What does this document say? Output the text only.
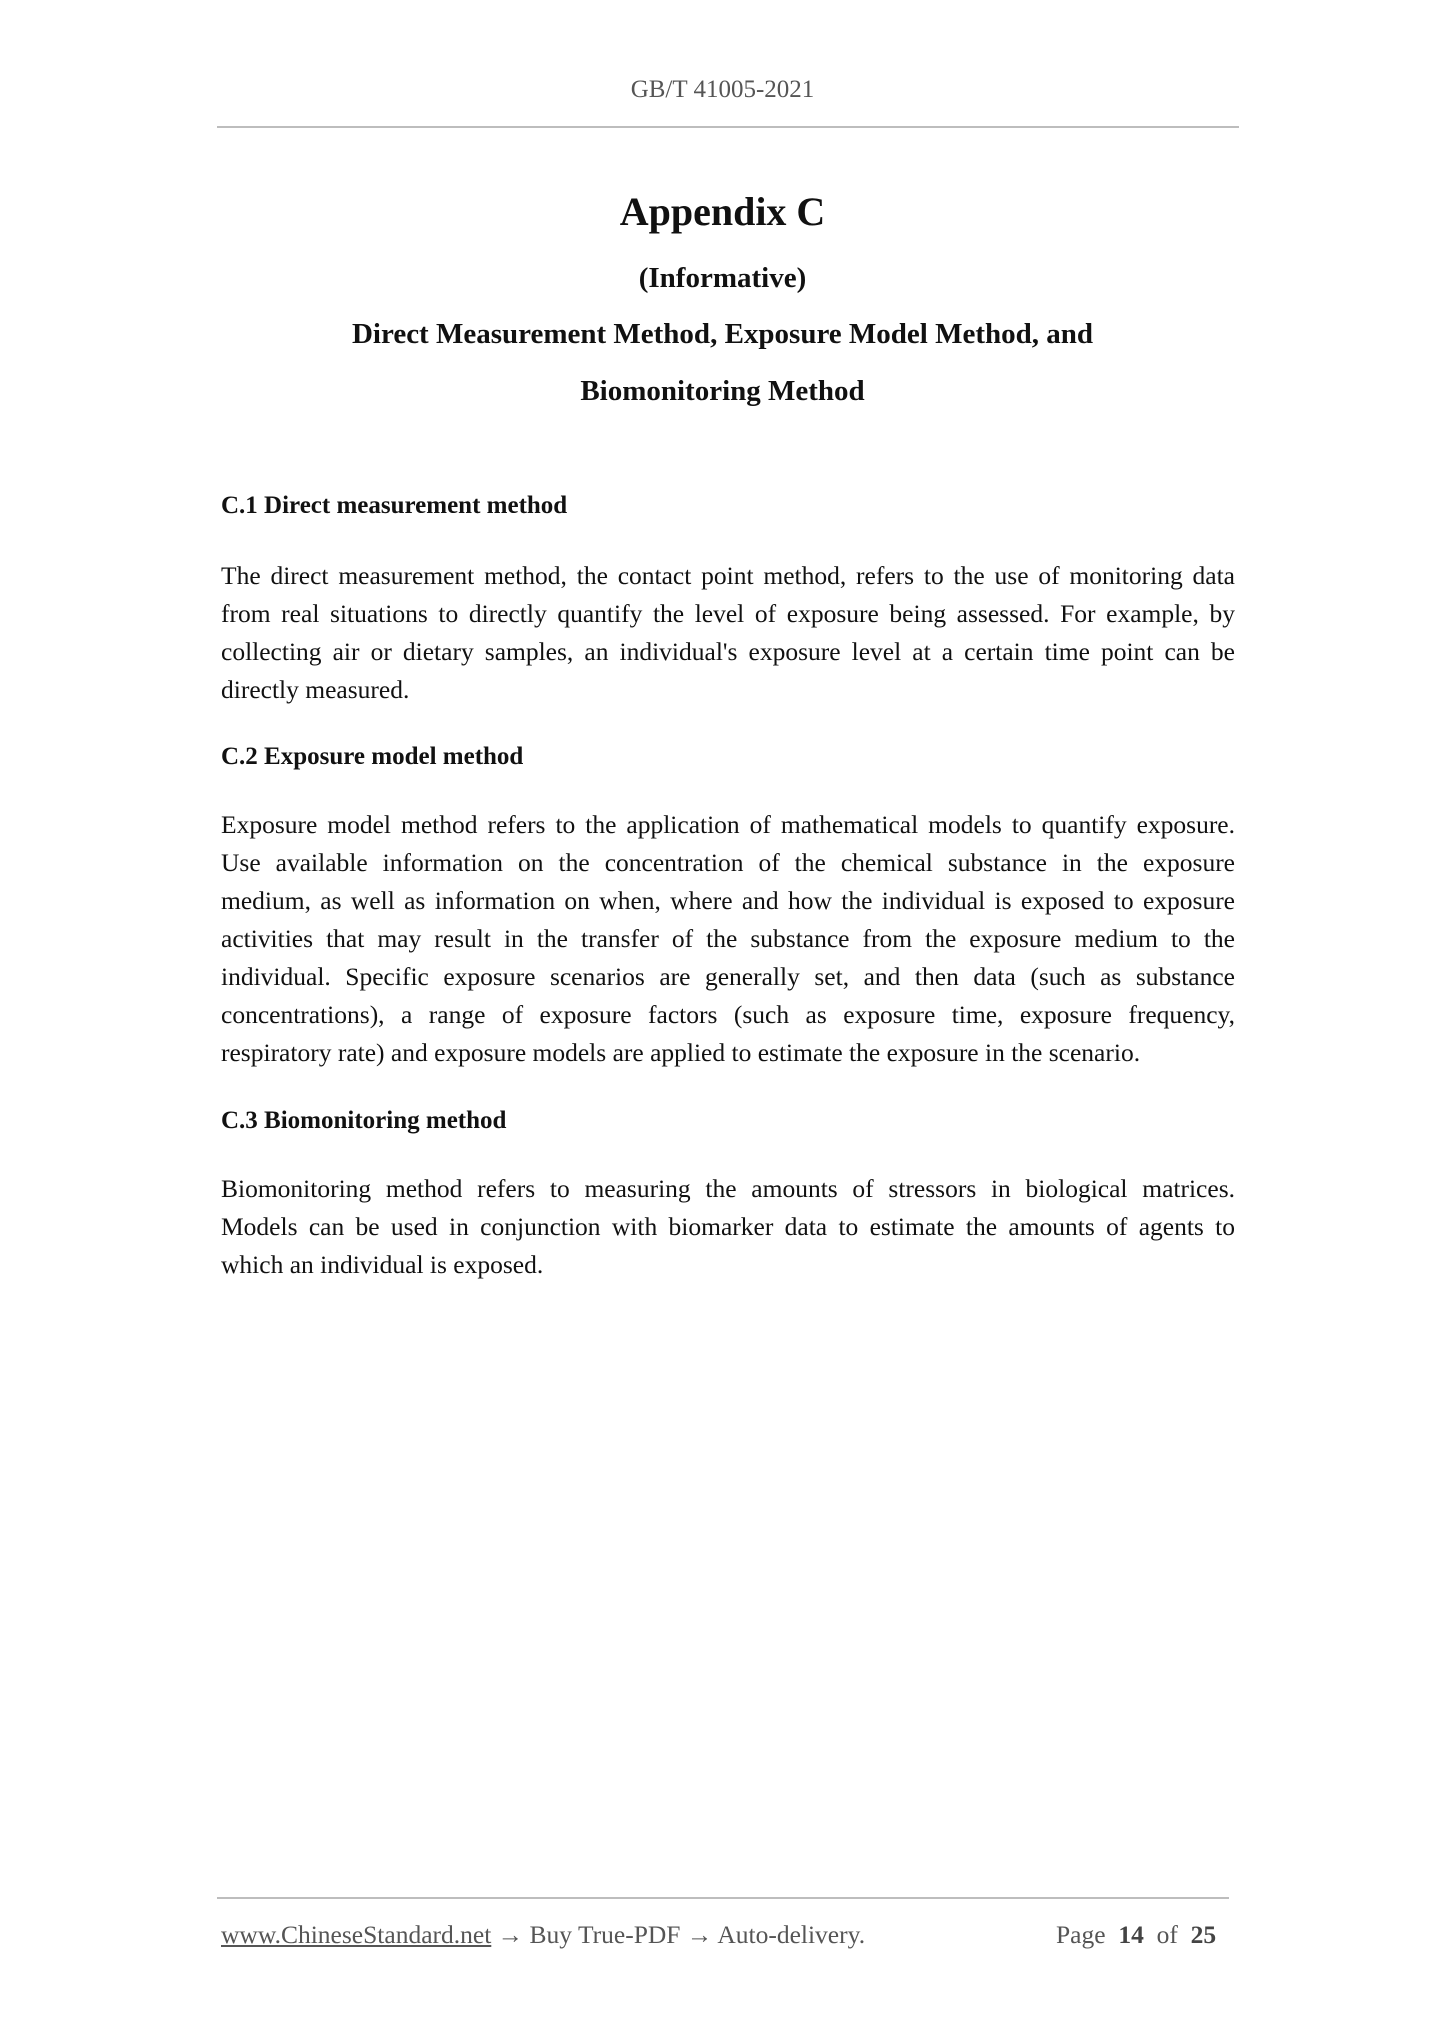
GB/T 41005-2021
Appendix C
(Informative)
Direct Measurement Method, Exposure Model Method, and
Biomonitoring Method
C.1 Direct measurement method
The direct measurement method, the contact point method, refers to the use of monitoring data
from real situations to directly quantify the level of exposure being assessed. For example, by
collecting air or dietary samples, an individual's exposure level at a certain time point can be
directly measured.
C.2 Exposure model method
Exposure model method refers to the application of mathematical models to quantify exposure.
Use available information on the concentration of the chemical substance in the exposure
medium, as well as information on when, where and how the individual is exposed to exposure
activities that may result in the transfer of the substance from the exposure medium to the
individual. Specific exposure scenarios are generally set, and then data (such as substance
concentrations), a range of exposure factors (such as exposure time, exposure frequency,
respiratory rate) and exposure models are applied to estimate the exposure in the scenario.
C.3 Biomonitoring method
Biomonitoring method refers to measuring the amounts of stressors in biological matrices.
Models can be used in conjunction with biomarker data to estimate the amounts of agents to
which an individual is exposed.
www.ChineseStandard.net → Buy True-PDF → Auto-delivery.	Page 14 of 25
